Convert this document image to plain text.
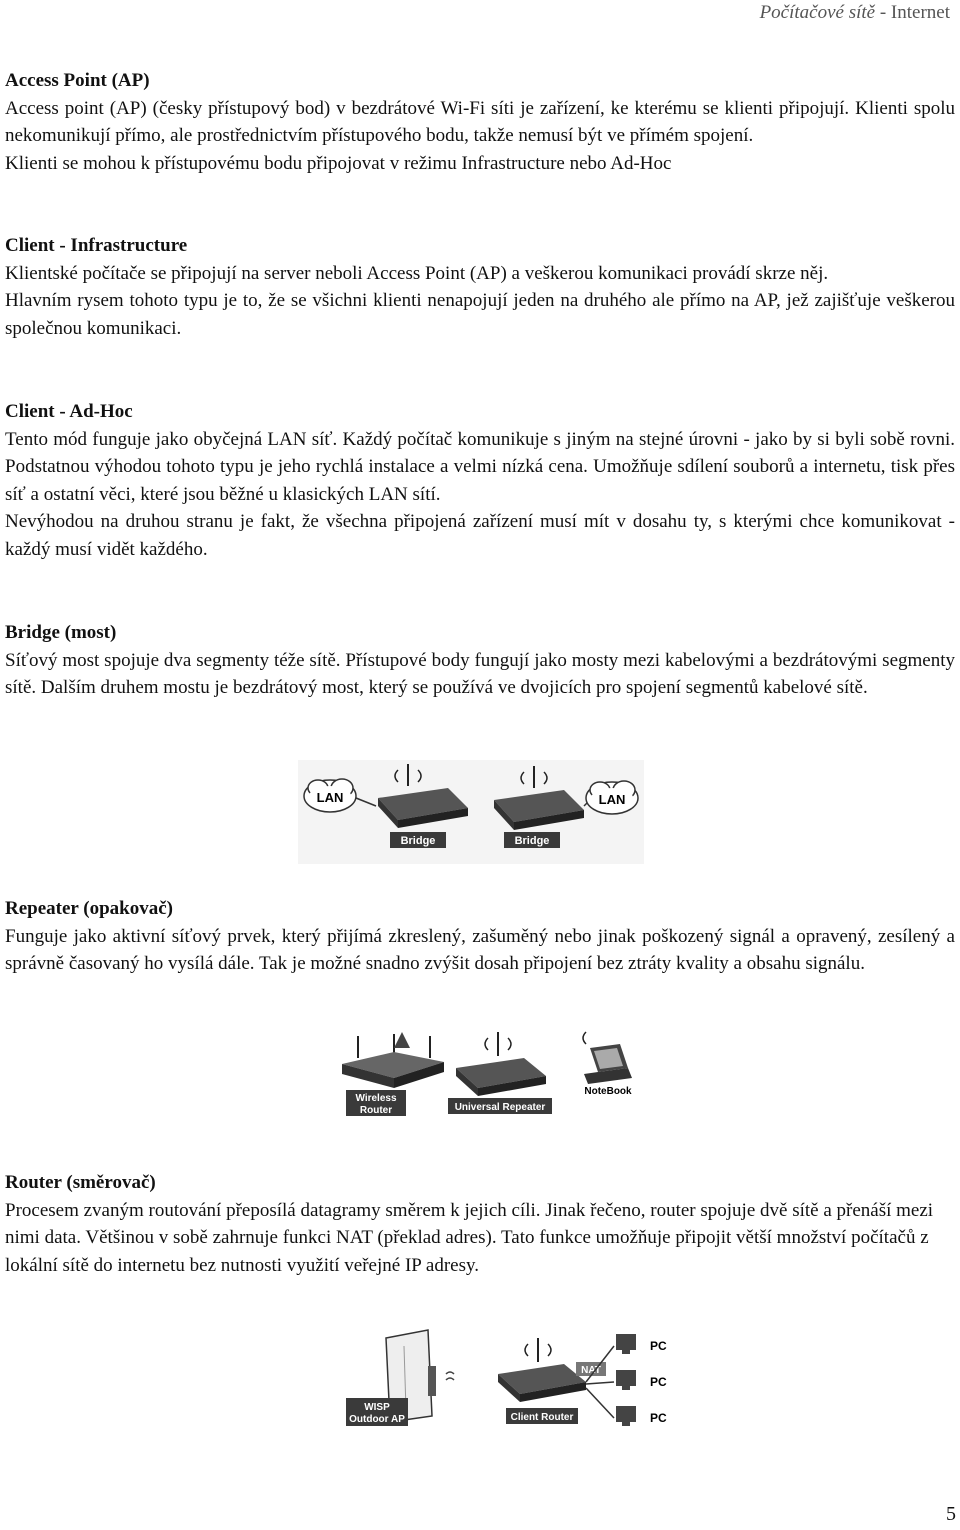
Počítačové sítě - Internet

Access Point (AP)

Access point (AP) (česky přístupový bod) v bezdrátové Wi-Fi síti je zařízení, ke kterému se klienti připojují. Klienti spolu nekomunikují přímo, ale prostřednictvím přístupového bodu, takže nemusí být ve přímém spojení.

Klienti se mohou k přístupovému bodu připojovat v režimu Infrastructure nebo Ad-Hoc

Client - Infrastructure

Klientské počítače se připojují na server neboli Access Point (AP) a veškerou komunikaci provádí skrze něj.

Hlavním rysem tohoto typu je to, že se všichni klienti nenapojují jeden na druhého ale přímo na AP, jež zajišťuje veškerou společnou komunikaci.

Client - Ad-Hoc

Tento mód funguje jako obyčejná LAN síť. Každý počítač komunikuje s jiným na stejné úrovni - jako by si byli sobě rovni. Podstatnou výhodou tohoto typu je jeho rychlá instalace a velmi nízká cena. Umožňuje sdílení souborů a internetu, tisk přes síť a ostatní věci, které jsou běžné u klasických LAN sítí.

Nevýhodou na druhou stranu je fakt, že všechna připojená zařízení musí mít v dosahu ty, s kterými chce komunikovat - každý musí vidět každého.

Bridge (most)

Síťový most spojuje dva segmenty téže sítě. Přístupové body fungují jako mosty mezi kabelovými a bezdrátovými segmenty sítě. Dalším druhem mostu je bezdrátový most, který se používá ve dvojicích pro spojení segmentů kabelové sítě.

LAN
Bridge	Bridge
LAN

Repeater (opakovač)

Funguje jako aktivní síťový prvek, který přijímá zkreslený, zašuměný nebo jinak poškozený signál a opravený, zesílený a správně časovaný ho vysílá dále. Tak je možné snadno zvýšit dosah připojení bez ztráty kvality a obsahu signálu.

Wireless
Router	Universal Repeater
NoteBook

Router (směrovač)

Procesem zvaným routování přeposílá datagramy směrem k jejich cíli. Jinak řečeno, router spojuje dvě sítě a přenáší mezi nimi data. Většinou v sobě zahrnuje funkci NAT (překlad adres). Tato funkce umožňuje připojit větší množství počítačů z lokální sítě do internetu bez nutnosti využití veřejné IP adresy.

WISP
Outdoor AP	Client Router
NAT
PC
PC
PC
5
